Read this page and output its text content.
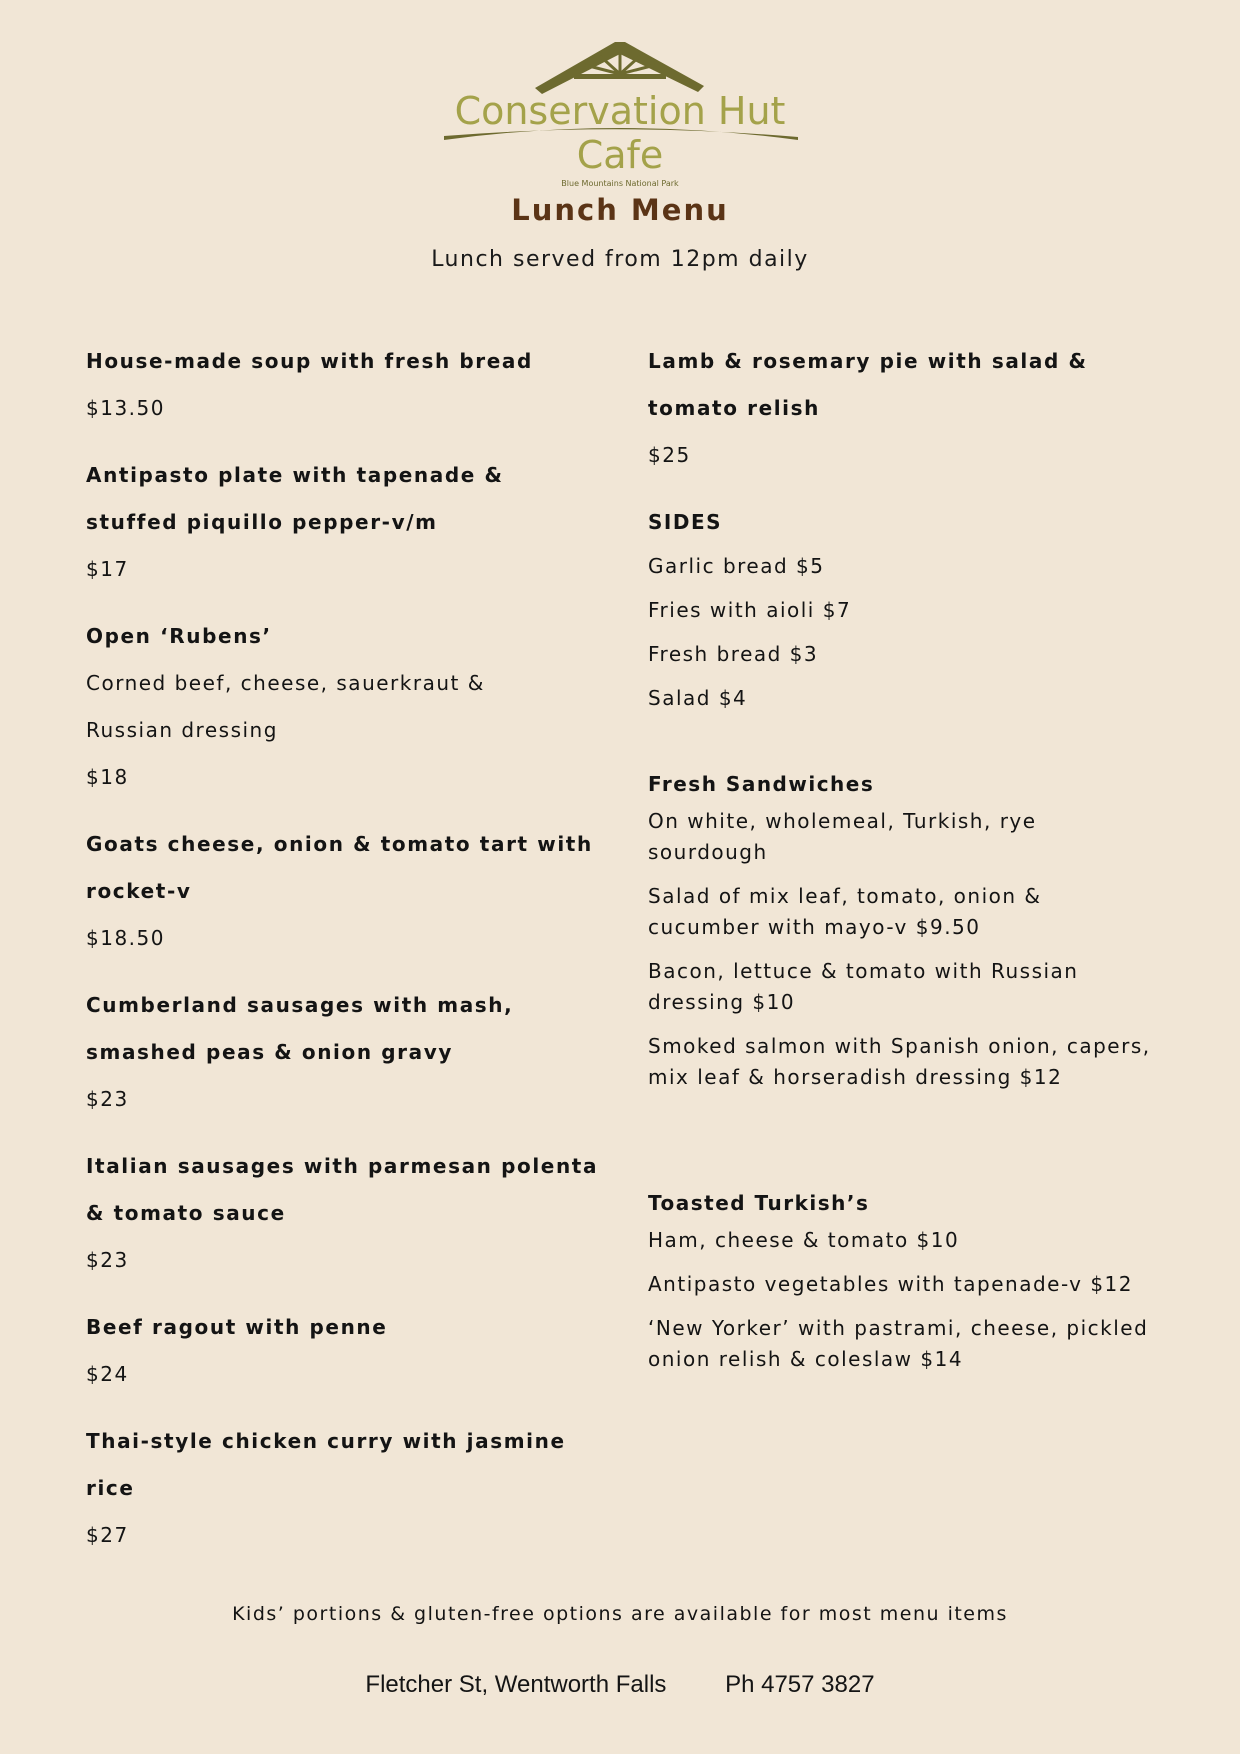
Conservation Hut
Cafe
Blue Mountains National Park
Lunch Menu
Lunch served from 12pm daily
House-made soup with fresh bread
$13.50
Antipasto plate with tapenade &
stuffed piquillo pepper-v/m
$17
Open ‘Rubens’
Corned beef, cheese, sauerkraut &
Russian dressing
$18
Goats cheese, onion & tomato tart with
rocket-v
$18.50
Cumberland sausages with mash,
smashed peas & onion gravy
$23
Italian sausages with parmesan polenta
& tomato sauce
$23
Beef ragout with penne
$24
Thai-style chicken curry with jasmine
rice
$27
Lamb & rosemary pie with salad &
tomato relish
$25
SIDES
Garlic bread $5
Fries with aioli $7
Fresh bread $3
Salad $4
Fresh Sandwiches
On white, wholemeal, Turkish, rye sourdough
Salad of mix leaf, tomato, onion & cucumber with mayo-v $9.50
Bacon, lettuce & tomato with Russian dressing $10
Smoked salmon with Spanish onion, capers, mix leaf & horseradish dressing $12
Toasted Turkish’s
Ham, cheese & tomato $10
Antipasto vegetables with tapenade-v $12
‘New Yorker’ with pastrami, cheese, pickled onion relish & coleslaw $14
Kids’ portions & gluten-free options are available for most menu items
Fletcher St, Wentworth Falls Ph 4757 3827
